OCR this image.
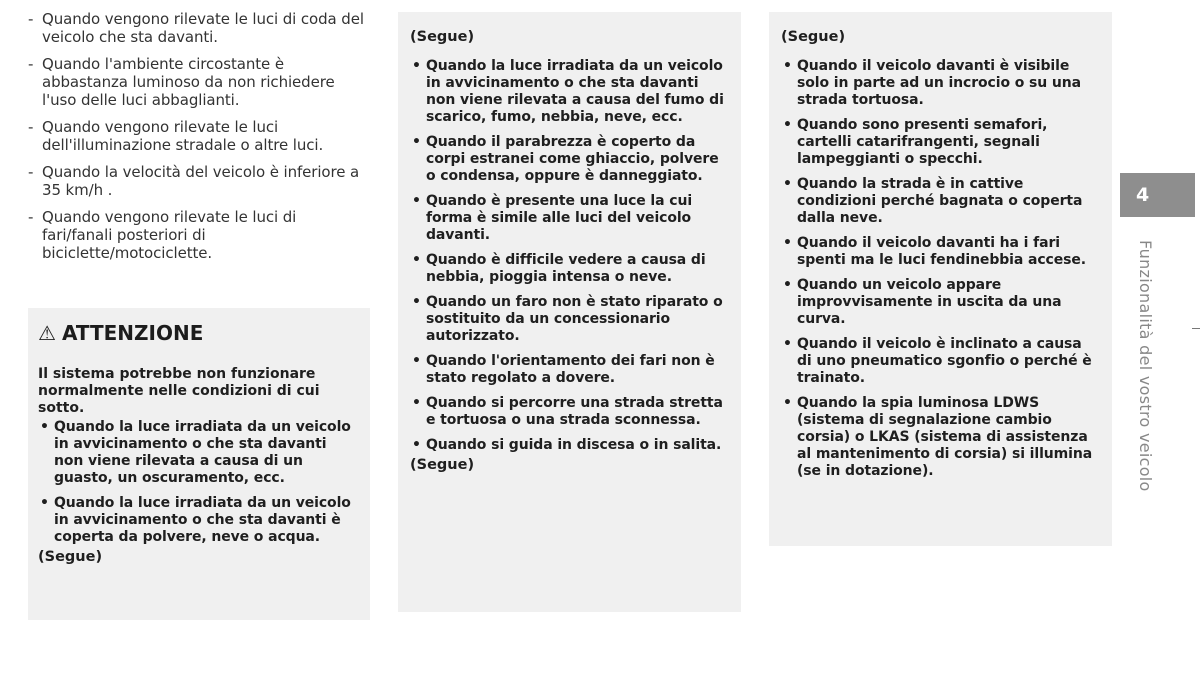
- Quando vengono rilevate le luci di coda del veicolo che sta davanti.
- Quando l'ambiente circostante è abbastanza luminoso da non richiedere l'uso delle luci abbaglianti.
- Quando vengono rilevate le luci dell'illuminazione stradale o altre luci.
- Quando la velocità del veicolo è inferiore a 35 km/h .
- Quando vengono rilevate le luci di fari/fanali posteriori di biciclette/motociclette.
⚠ ATTENZIONE

Il sistema potrebbe non funzionare normalmente nelle condizioni di cui sotto.

• Quando la luce irradiata da un veicolo in avvicinamento o che sta davanti non viene rilevata a causa di un guasto, un oscuramento, ecc.
• Quando la luce irradiata da un veicolo in avvicinamento o che sta davanti è coperta da polvere, neve o acqua.
(Segue)
(Segue)
• Quando la luce irradiata da un veicolo in avvicinamento o che sta davanti non viene rilevata a causa del fumo di scarico, fumo, nebbia, neve, ecc.
• Quando il parabrezza è coperto da corpi estranei come ghiaccio, polvere o condensa, oppure è danneggiato.
• Quando è presente una luce la cui forma è simile alle luci del veicolo davanti.
• Quando è difficile vedere a causa di nebbia, pioggia intensa o neve.
• Quando un faro non è stato riparato o sostituito da un concessionario autorizzato.
• Quando l'orientamento dei fari non è stato regolato a dovere.
• Quando si percorre una strada stretta e tortuosa o una strada sconnessa.
• Quando si guida in discesa o in salita.
(Segue)
(Segue)
• Quando il veicolo davanti è visibile solo in parte ad un incrocio o su una strada tortuosa.
• Quando sono presenti semafori, cartelli catarifrangenti, segnali lampeggianti o specchi.
• Quando la strada è in cattive condizioni perché bagnata o coperta dalla neve.
• Quando il veicolo davanti ha i fari spenti ma le luci fendinebbia accese.
• Quando un veicolo appare improvvisamente in uscita da una curva.
• Quando il veicolo è inclinato a causa di uno pneumatico sgonfio o perché è trainato.
• Quando la spia luminosa LDWS (sistema di segnalazione cambio corsia) o LKAS (sistema di assistenza al mantenimento di corsia) si illumina (se in dotazione).
4
Funzionalità del vostro veicolo
